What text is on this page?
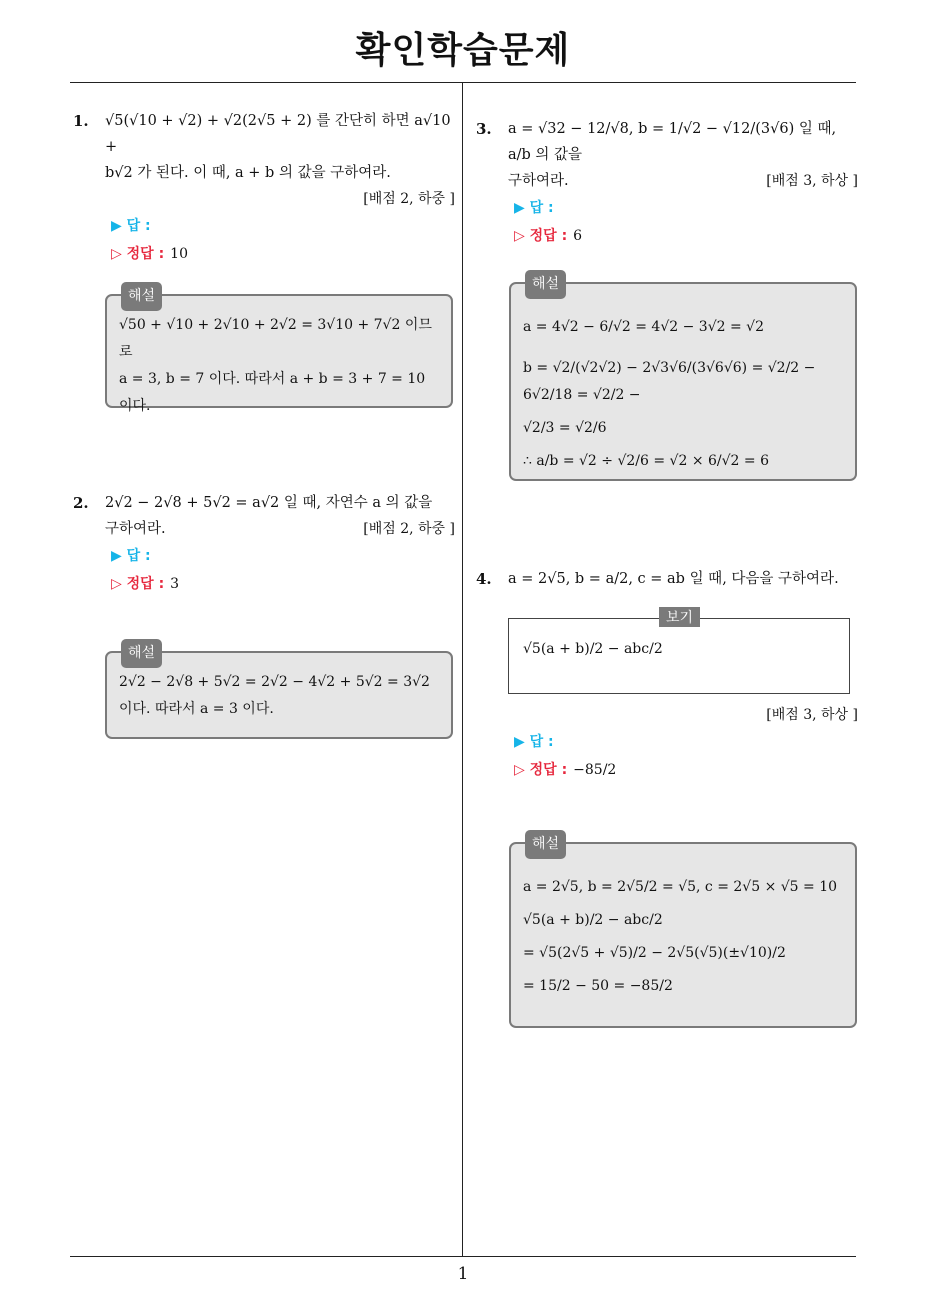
확인학습문제
1
1. √5(√10 + √2) + √2(2√5 + 2) 를 간단히 하면 a√10 +
b√2 가 된다. 이 때, a + b 의 값을 구하여라.
[배점 2, 하중 ]
▶ 답 :
▷ 정답 : 10
해설
√50 + √10 + 2√10 + 2√2 = 3√10 + 7√2 이므로
a = 3, b = 7 이다. 따라서 a + b = 3 + 7 = 10
이다.
2. 2√2 − 2√8 + 5√2 = a√2 일 때, 자연수 a 의 값을
구하여라.	[배점 2, 하중 ]
▶ 답 :
▷ 정답 : 3
해설
2√2 − 2√8 + 5√2 = 2√2 − 4√2 + 5√2 = 3√2
이다. 따라서 a = 3 이다.
3. a = √32 − 12/√8, b = 1/√2 − √12/(3√6) 일 때, a/b 의 값을
구하여라.	[배점 3, 하상 ]
▶ 답 :
▷ 정답 : 6
해설
a = 4√2 − 6/√2 = 4√2 − 3√2 = √2
b = √2/(√2√2) − 2√3√6/(3√6√6) = √2/2 − 6√2/18 = √2/2 −
√2/3 = √2/6
∴ a/b = √2 ÷ √2/6 = √2 × 6/√2 = 6
4. a = 2√5, b = a/2, c = ab 일 때, 다음을 구하여라.
보기
√5(a + b)/2 − abc/2
[배점 3, 하상 ]
▶ 답 :
▷ 정답 : −85/2
해설
a = 2√5, b = 2√5/2 = √5, c = 2√5 × √5 = 10
√5(a + b)/2 − abc/2
= √5(2√5 + √5)/2 − 2√5(√5)(±√10)/2
= 15/2 − 50 = −85/2
